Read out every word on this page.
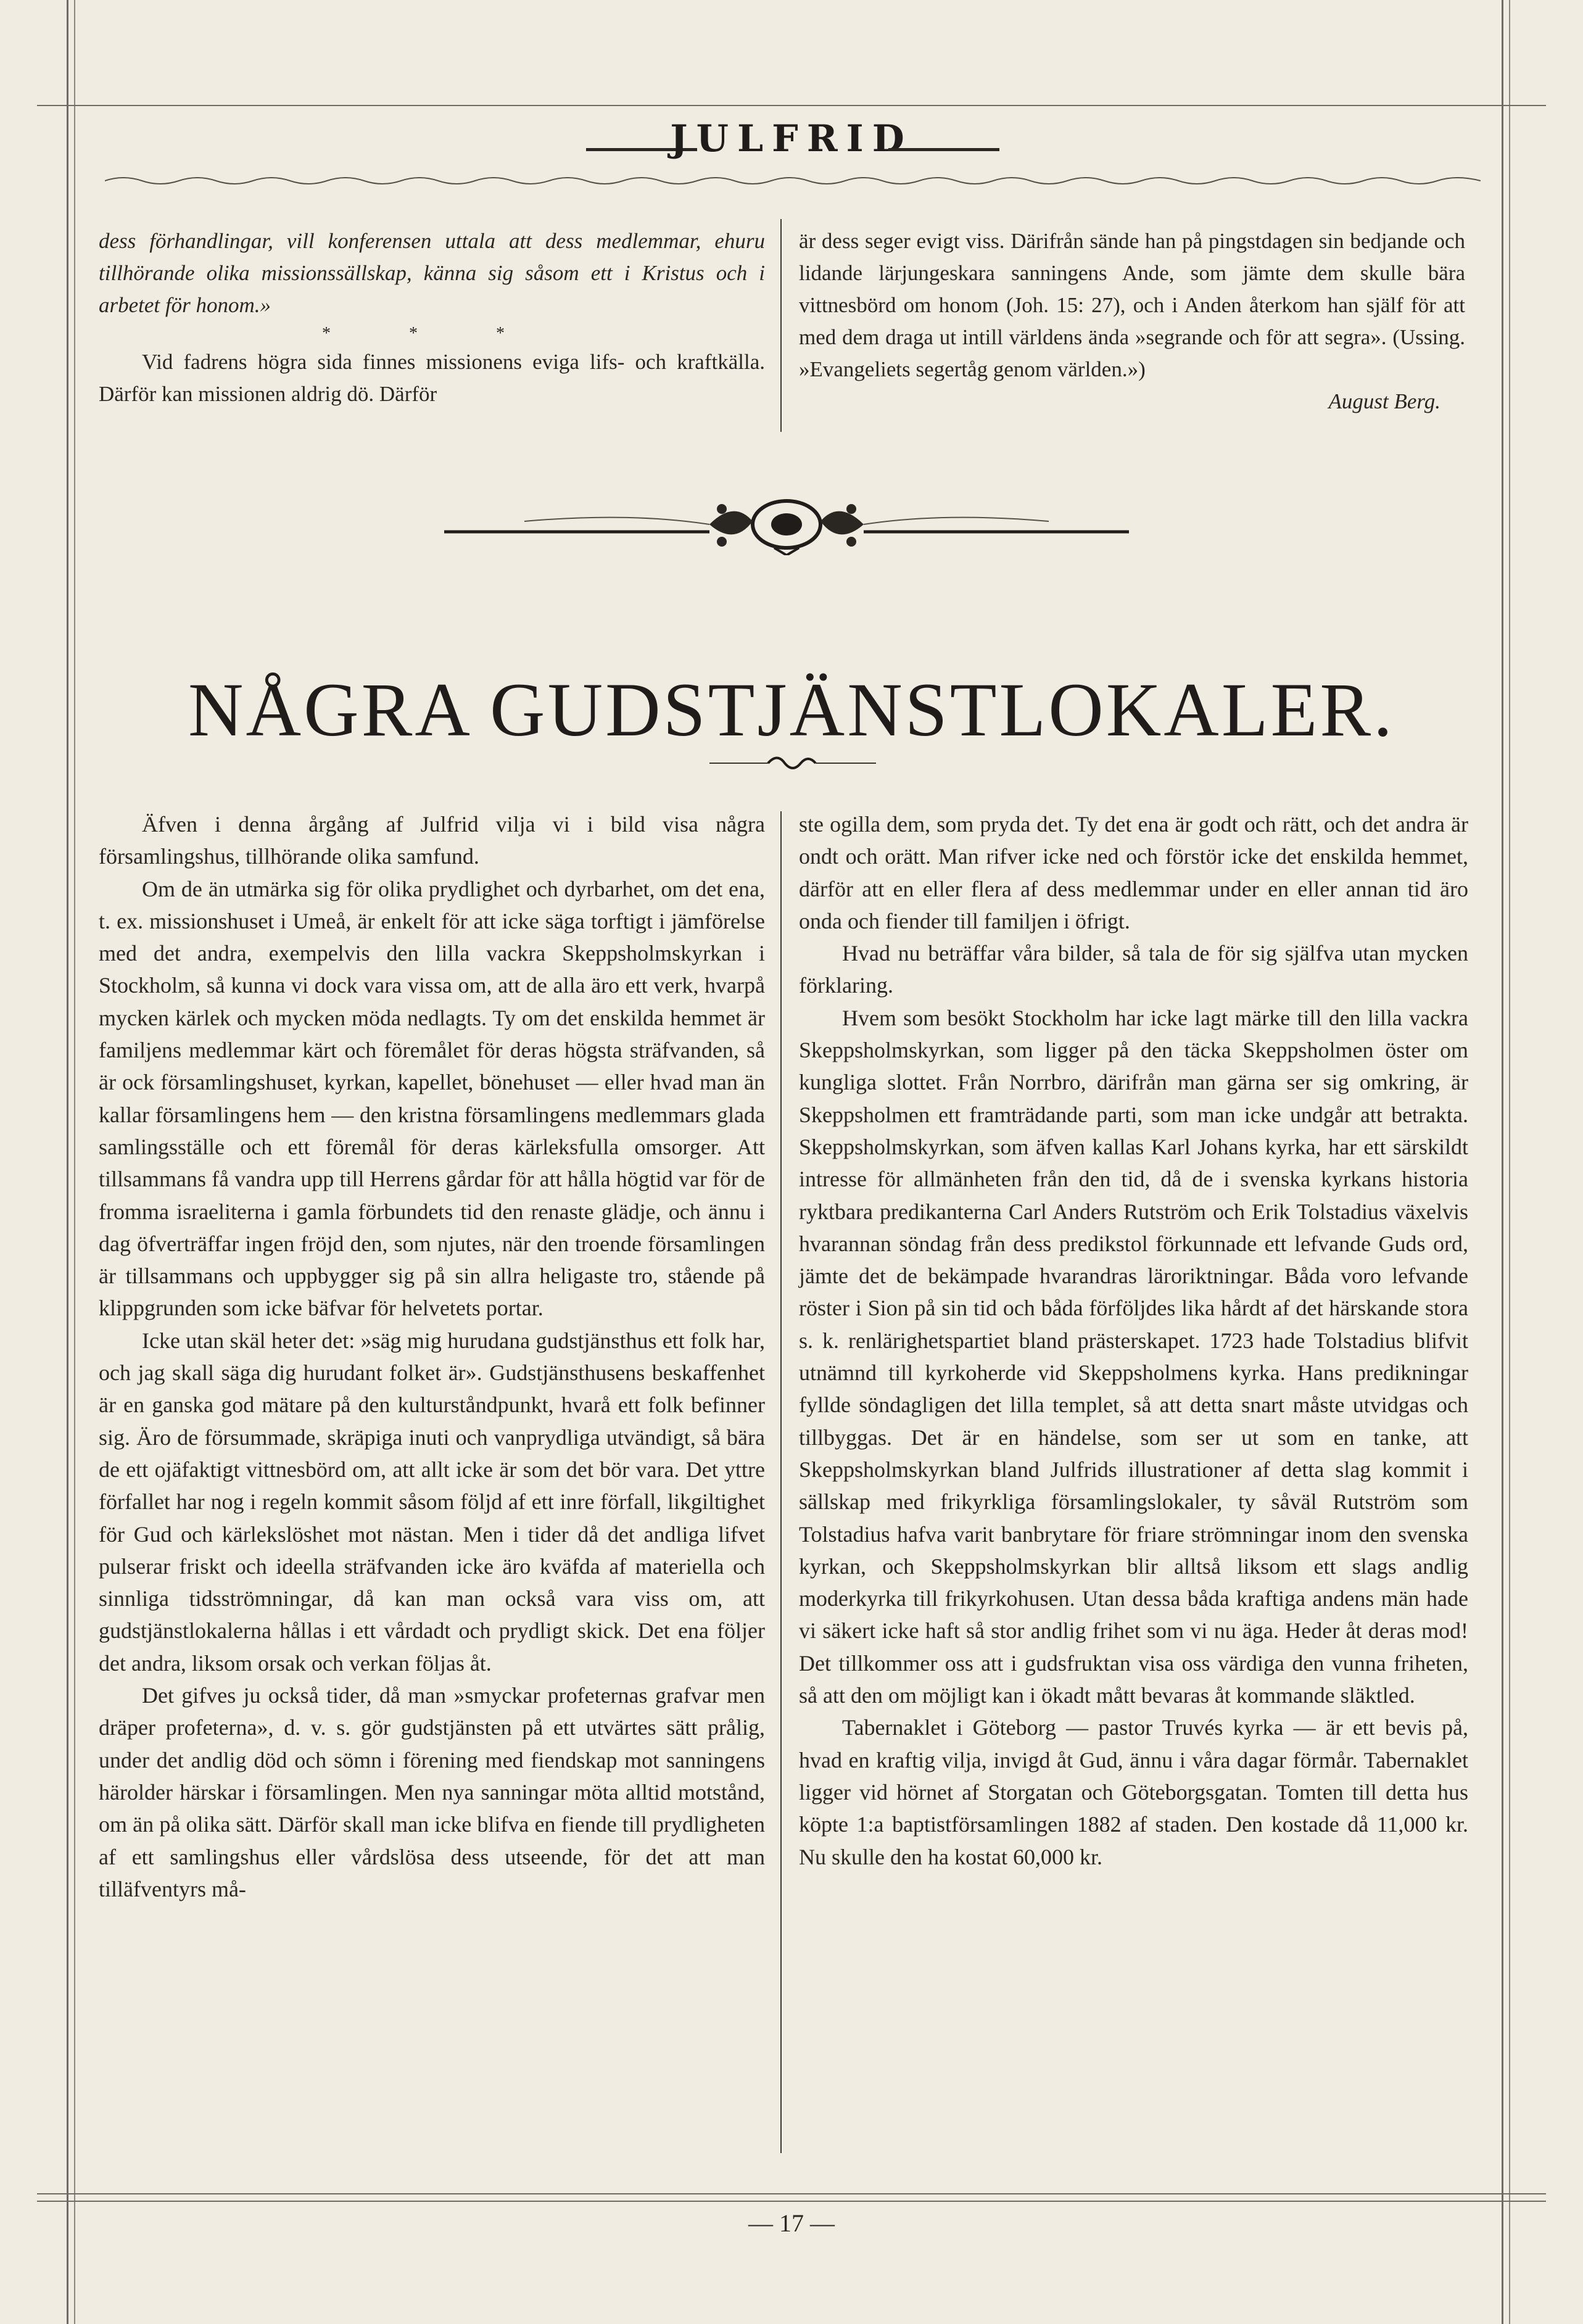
JULFRID

dess förhandlingar, vill konferensen uttala att dess medlemmar, ehuru tillhörande olika missionssällskap, känna sig såsom ett i Kristus och i arbetet för honom.»

* * *

Vid fadrens högra sida finnes missionens eviga lifs- och kraftkälla. Därför kan missionen aldrig dö. Därför

är dess seger evigt viss. Därifrån sände han på pingstdagen sin bedjande och lidande lärjungeskara sanningens Ande, som jämte dem skulle bära vittnesbörd om honom (Joh. 15: 27), och i Anden återkom han själf för att med dem draga ut intill världens ända »segrande och för att segra». (Ussing. »Evangeliets segertåg genom världen.»)

August Berg.

NÅGRA GUDSTJÄNSTLOKALER.

Äfven i denna årgång af Julfrid vilja vi i bild visa några församlingshus, tillhörande olika samfund.

Om de än utmärka sig för olika prydlighet och dyrbarhet, om det ena, t. ex. missionshuset i Umeå, är enkelt för att icke säga torftigt i jämförelse med det andra, exempelvis den lilla vackra Skeppsholmskyrkan i Stockholm, så kunna vi dock vara vissa om, att de alla äro ett verk, hvarpå mycken kärlek och mycken möda nedlagts. Ty om det enskilda hemmet är familjens medlemmar kärt och föremålet för deras högsta sträfvanden, så är ock församlingshuset, kyrkan, kapellet, bönehuset — eller hvad man än kallar församlingens hem — den kristna församlingens medlemmars glada samlingsställe och ett föremål för deras kärleksfulla omsorger. Att tillsammans få vandra upp till Herrens gårdar för att hålla högtid var för de fromma israeliterna i gamla förbundets tid den renaste glädje, och ännu i dag öfverträffar ingen fröjd den, som njutes, när den troende församlingen är tillsammans och uppbygger sig på sin allra heligaste tro, stående på klippgrunden som icke bäfvar för helvetets portar.

Icke utan skäl heter det: »säg mig hurudana gudstjänsthus ett folk har, och jag skall säga dig hurudant folket är». Gudstjänsthusens beskaffenhet är en ganska god mätare på den kulturståndpunkt, hvarå ett folk befinner sig. Äro de försummade, skräpiga inuti och vanprydliga utvändigt, så bära de ett ojäfaktigt vittnesbörd om, att allt icke är som det bör vara. Det yttre förfallet har nog i regeln kommit såsom följd af ett inre förfall, likgiltighet för Gud och kärlekslöshet mot nästan. Men i tider då det andliga lifvet pulserar friskt och ideella sträfvanden icke äro kväfda af materiella och sinnliga tidsströmningar, då kan man också vara viss om, att gudstjänstlokalerna hållas i ett vårdadt och prydligt skick. Det ena följer det andra, liksom orsak och verkan följas åt.

Det gifves ju också tider, då man »smyckar profeternas grafvar men dräper profeterna», d. v. s. gör gudstjänsten på ett utvärtes sätt prålig, under det andlig död och sömn i förening med fiendskap mot sanningens härolder härskar i församlingen. Men nya sanningar möta alltid motstånd, om än på olika sätt. Därför skall man icke blifva en fiende till prydligheten af ett samlingshus eller vårdslösa dess utseende, för det att man tilläfventyrs må-

ste ogilla dem, som pryda det. Ty det ena är godt och rätt, och det andra är ondt och orätt. Man rifver icke ned och förstör icke det enskilda hemmet, därför att en eller flera af dess medlemmar under en eller annan tid äro onda och fiender till familjen i öfrigt.

Hvad nu beträffar våra bilder, så tala de för sig själfva utan mycken förklaring.

Hvem som besökt Stockholm har icke lagt märke till den lilla vackra Skeppsholmskyrkan, som ligger på den täcka Skeppsholmen öster om kungliga slottet. Från Norrbro, därifrån man gärna ser sig omkring, är Skeppsholmen ett framträdande parti, som man icke undgår att betrakta. Skeppsholmskyrkan, som äfven kallas Karl Johans kyrka, har ett särskildt intresse för allmänheten från den tid, då de i svenska kyrkans historia ryktbara predikanterna Carl Anders Rutström och Erik Tolstadius växelvis hvarannan söndag från dess predikstol förkunnade ett lefvande Guds ord, jämte det de bekämpade hvarandras läroriktningar. Båda voro lefvande röster i Sion på sin tid och båda förföljdes lika hårdt af det härskande stora s. k. renlärighetspartiet bland prästerskapet. 1723 hade Tolstadius blifvit utnämnd till kyrkoherde vid Skeppsholmens kyrka. Hans predikningar fyllde söndagligen det lilla templet, så att detta snart måste utvidgas och tillbyggas. Det är en händelse, som ser ut som en tanke, att Skeppsholmskyrkan bland Julfrids illustrationer af detta slag kommit i sällskap med frikyrkliga församlingslokaler, ty såväl Rutström som Tolstadius hafva varit banbrytare för friare strömningar inom den svenska kyrkan, och Skeppsholmskyrkan blir alltså liksom ett slags andlig moderkyrka till frikyrkohusen. Utan dessa båda kraftiga andens män hade vi säkert icke haft så stor andlig frihet som vi nu äga. Heder åt deras mod! Det tillkommer oss att i gudsfruktan visa oss värdiga den vunna friheten, så att den om möjligt kan i ökadt mått bevaras åt kommande släktled.

Tabernaklet i Göteborg — pastor Truvés kyrka — är ett bevis på, hvad en kraftig vilja, invigd åt Gud, ännu i våra dagar förmår. Tabernaklet ligger vid hörnet af Storgatan och Göteborgsgatan. Tomten till detta hus köpte 1:a baptistförsamlingen 1882 af staden. Den kostade då 11,000 kr. Nu skulle den ha kostat 60,000 kr.

— 17 —
